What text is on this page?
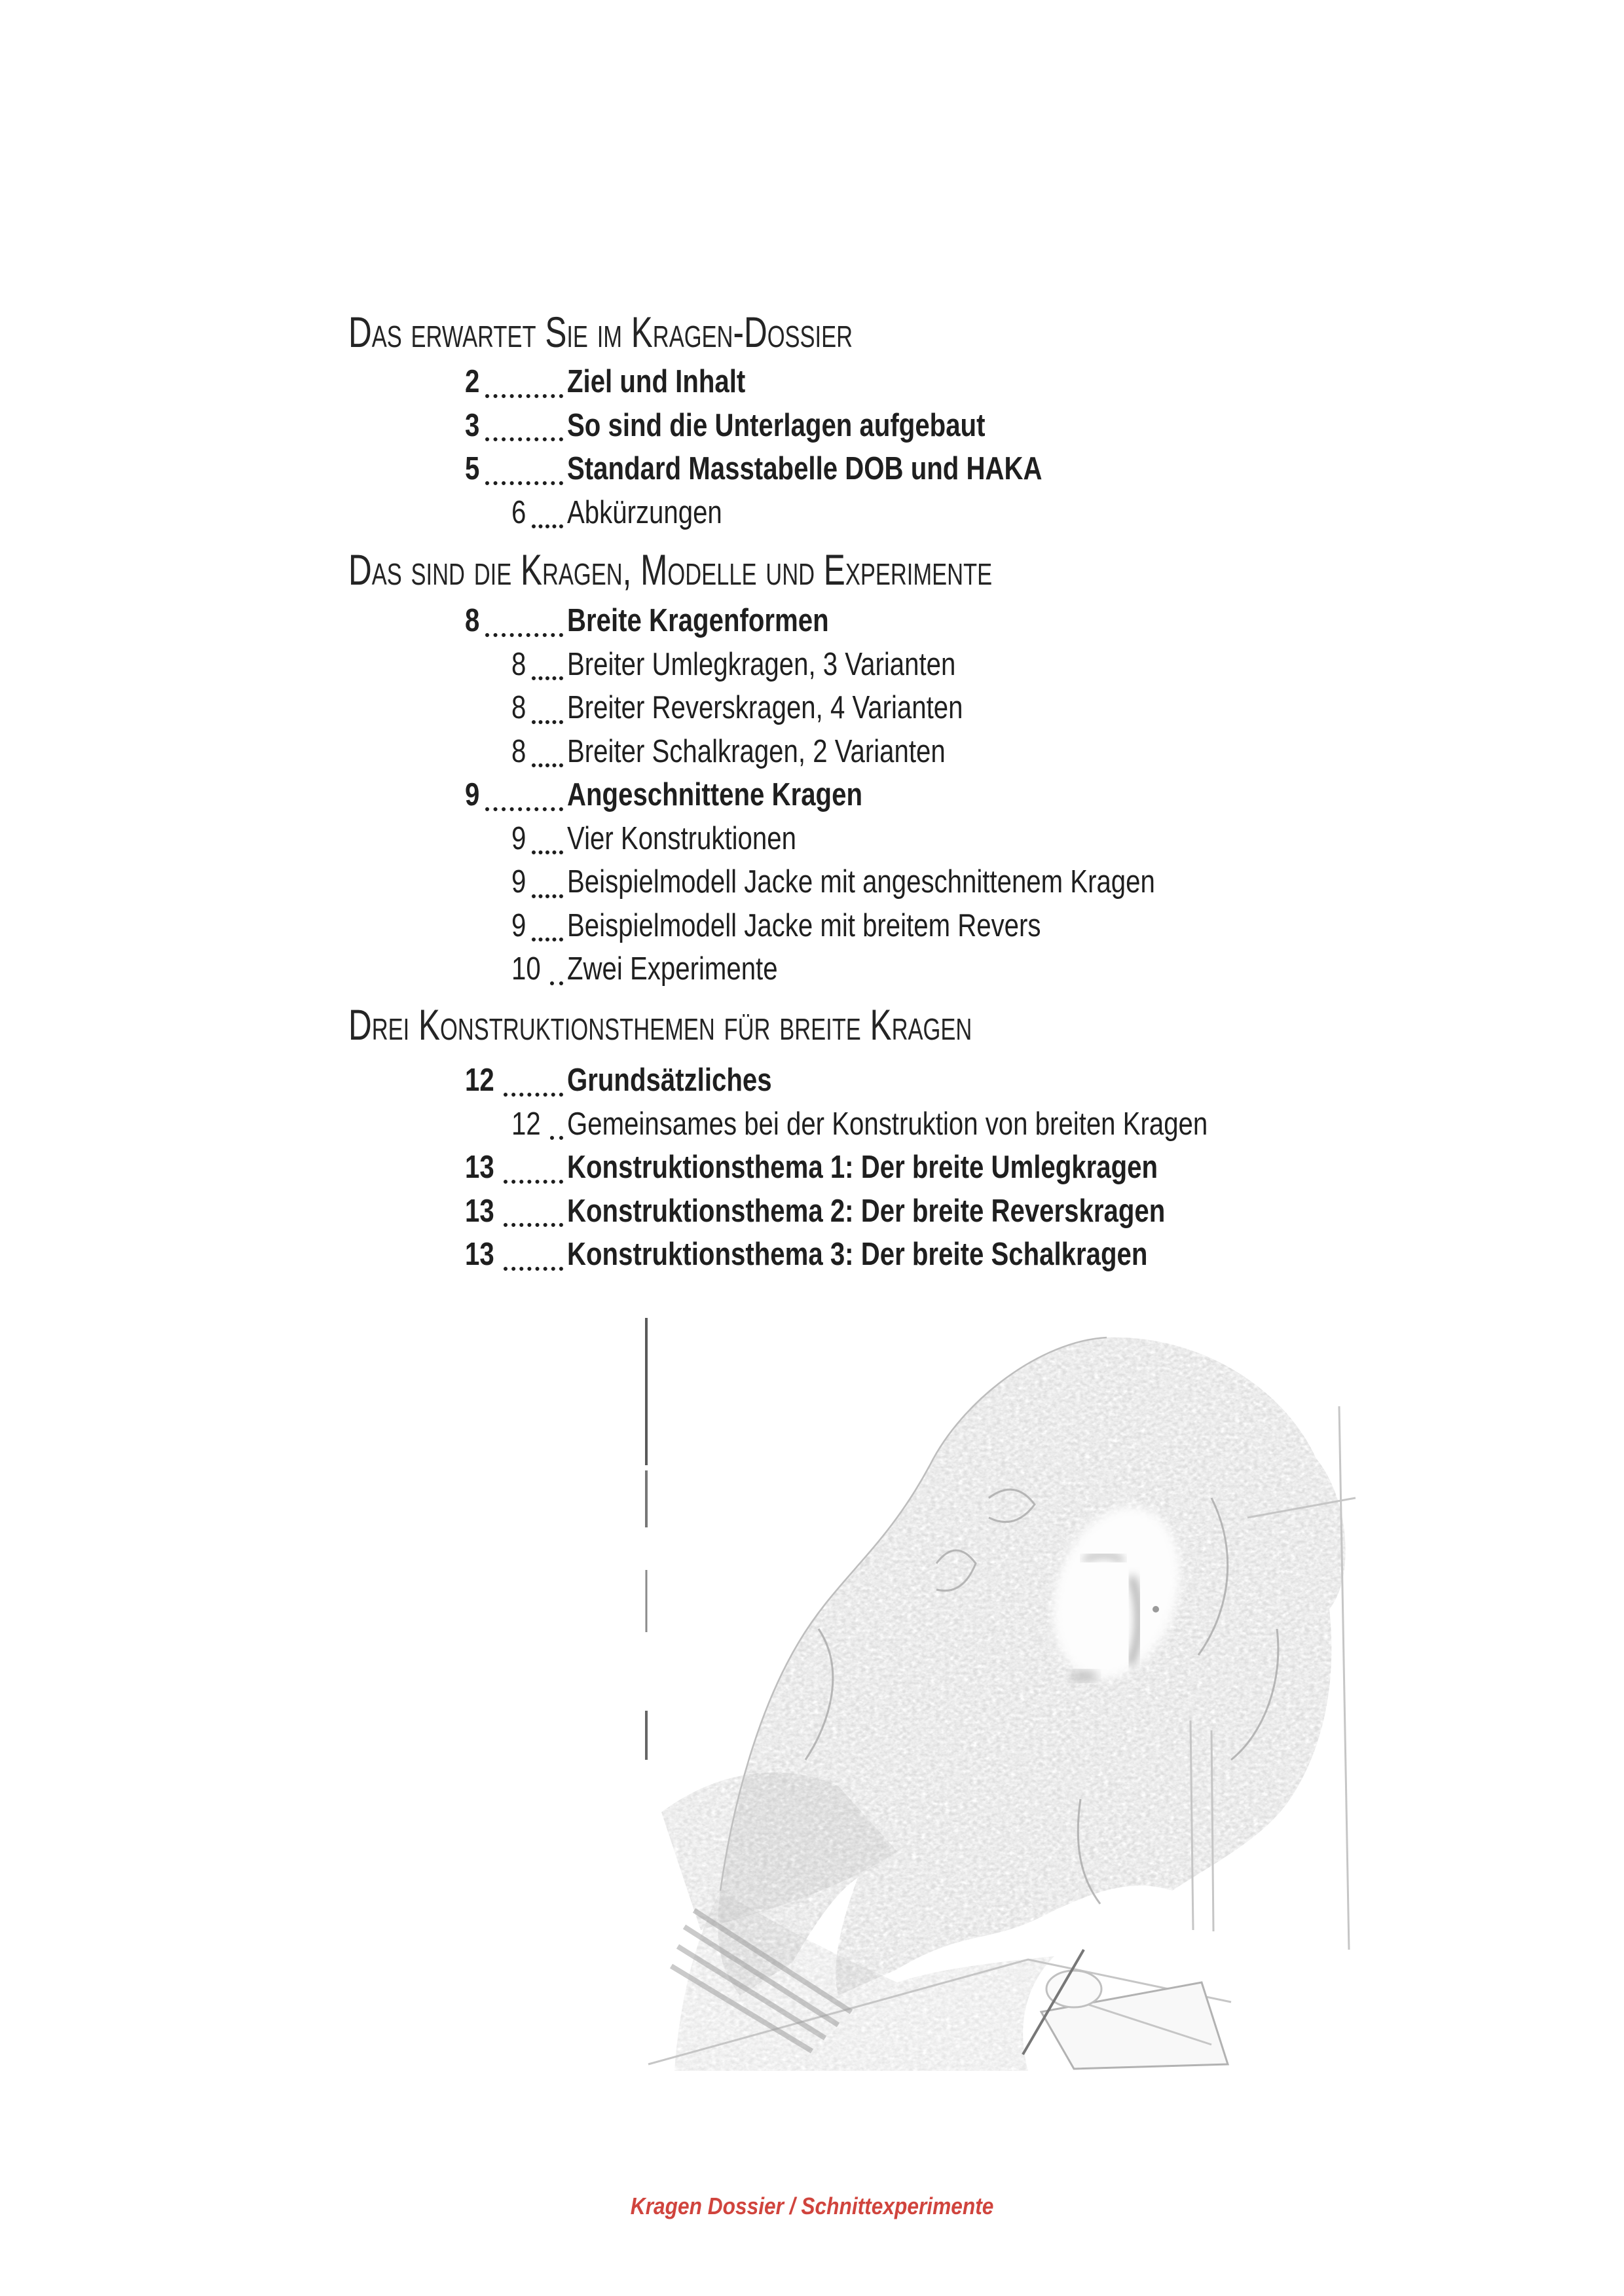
Das erwartet Sie im Kragen-Dossier
2	Ziel und Inhalt
3	So sind die Unterlagen aufgebaut
5	Standard Masstabelle DOB und HAKA
6 Abkürzungen
Das sind die Kragen, Modelle und Experimente
8	Breite Kragenformen
8 Breiter Umlegkragen, 3 Varianten
8 Breiter Reverskragen, 4 Varianten
8 Breiter Schalkragen, 2 Varianten
9	Angeschnittene Kragen
9 Vier Konstruktionen
9 Beispielmodell Jacke mit angeschnittenem Kragen
9 Beispielmodell Jacke mit breitem Revers
10 Zwei Experimente
Drei Konstruktionsthemen für breite Kragen
12 Grundsätzliches
12 Gemeinsames bei der Konstruktion von breiten Kragen
13 Konstruktionsthema 1: Der breite Umlegkragen
13 Konstruktionsthema 2: Der breite Reverskragen
13 Konstruktionsthema 3: Der breite Schalkragen
Kragen Dossier / Schnittexperimente
